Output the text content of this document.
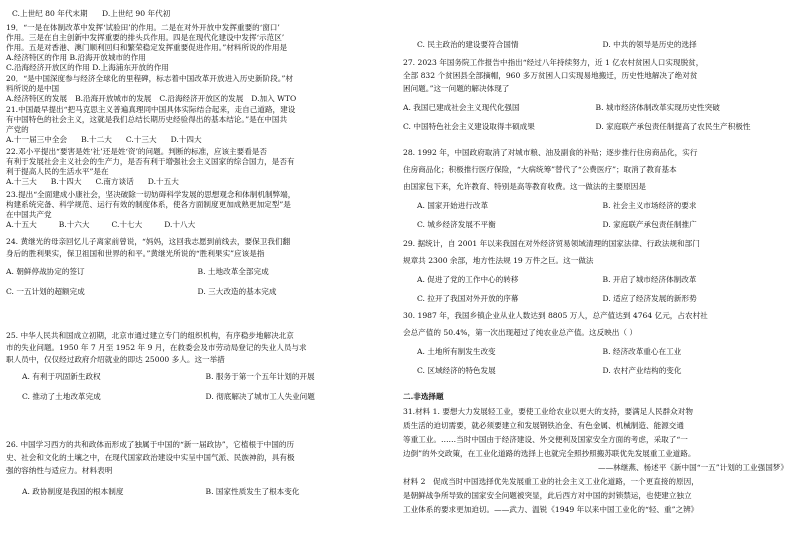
C.上世纪 80 年代末期	D.上世纪 90 年代初
19．“一是在体制改革中发挥‘试验田’的作用。二是在对外开放中发挥重要的‘窗口’
作用。三是在自主创新中发挥重要的排头兵作用。四是在现代化建设中发挥‘示范区’
作用。五是对香港、澳门顺利回归和繁荣稳定发挥重要促进作用。”材料所说的作用是
A.经济特区的作用 B.沿海开放城市的作用
C.沿海经济开放区的作用 D.上海浦东开放的作用
20．“是中国深度参与经济全球化的里程碑，标志着中国改革开放进入历史新阶段。”材
料所说的是中国
A.经济特区的发展 B.沿海开放城市的发展 C.沿海经济开放区的发展 D.加入 WTO
21.中国最早提出“把马克思主义普遍真理同中国具体实际结合起来，走自己道路，建设
有中国特色的社会主义，这就是我们总结长期历史经验得出的基本结论。”是在中国共
产党的
A.十一届三中全会 B.十二大 C.十三大 D.十四大
22.邓小平提出“要害是姓‘社’还是姓‘资’的问题。判断的标准，应该主要看是否
有利于发展社会主义社会的生产力，是否有利于增强社会主义国家的综合国力，是否有
利于提高人民的生活水平”是在
A.十三大 B.十四大 C.南方谈话 D.十五大
23.提出“全面建成小康社会，坚决破除一切妨碍科学发展的思想观念和体制机制弊端，
构建系统完备、科学规范、运行有效的制度体系，使各方面制度更加成熟更加定型”是
在中国共产党
A.十五大	B.十六大	C.十七大	D.十八大
24. 黄继光的母亲回忆儿子离家前曾说，“妈妈，这回我志愿到前线去，要保卫我们翻
身后的胜利果实，保卫祖国和世界的和平。”黄继光所说的“胜利果实”应该是指
A. 朝鲜停战协定的签订	B. 土地改革全部完成
C. 一五计划的超额完成	D. 三大改造的基本完成
25. 中华人民共和国成立初期，北京市通过建立专门的组织机构，有序稳步地解决北京
市的失业问题。1950 年 7 月至 1952 年 9 月，在救委会及市劳动局登记的失业人员与求
职人员中，仅仅经过政府介绍就业的即达 25000 多人。这一举措
A. 有利于巩固新生政权	B. 服务于第一个五年计划的开展
C. 推动了土地改革完成	D. 彻底解决了城市工人失业问题
26. 中国学习西方的共和政体而形成了独属于中国的“新一届政协”，它植根于中国的历
史、社会和文化的土壤之中，在现代国家政治建设中实呈中国气派、民族神韵，具有极
强的容纳性与适应力。材料表明
A. 政协制度是我国的根本制度	B. 国家性质发生了根本变化
C. 民主政治的建设要符合国情	D. 中共的领导是历史的选择
27. 2023 年国务院工作报告中指出“经过八年持续努力，近 1 亿农村贫困人口实现脱贫，
全部 832 个贫困县全部摘帽，960 多万贫困人口实现易地搬迁，历史性地解决了绝对贫
困问题。”这一问题的解决体现了
A. 我国已建成社会主义现代化强国	B. 城市经济体制改革实现历史性突破
C. 中国特色社会主义建设取得丰硕成果	D. 家庭联产承包责任制提高了农民生产积极性
28. 1992 年，中国政府取消了对城市粮、油及副食的补贴；逐步推行住房商品化，实行
住房商品化；积极推行医疗保险，“大病统筹”替代了“公费医疗”；取消了教育基本
由国家包下来，允许教育、特别是高等教育收费。这一做法的主要原因是
A. 国家开始进行改革	B. 社会主义市场经济的要求
C. 城乡经济发展不平衡	D. 家庭联产承包责任制推广
29. 据统计，自 2001 年以来我国在对外经济贸易领域清理的国家法律、行政法规和部门
规章共 2300 余部，地方性法规 19 万件之巨。这一做法
A. 促进了党的工作中心的转移	B. 开启了城市经济体制改革
C. 拉开了我国对外开放的序幕	D. 适应了经济发展的新形势
30. 1987 年，我国乡镇企业从业人数达到 8805 万人，总产值达到 4764 亿元，占农村社
会总产值的 50.4%，第一次出现超过了纯农业总产值。这反映出（ ）
A. 土地所有制发生改变	B. 经济改革重心在工业
C. 区域经济的特色发展	D. 农村产业结构的变化
二.非选择题
31.材料 1. 要想大力发展轻工业，要使工业给农业以更大的支持，要满足人民群众对物
质生活的迫切需要，就必须要建立和发展钢铁冶金、有色金属、机械制造、能源交通
等重工业。……当时中国由于经济建设、外交便利及国家安全方面的考虑，采取了“一
边倒”的外交政策，在工业化道路的选择上也就完全照抄照搬苏联优先发展重工业道路。
——林继燕、杨述平《新中国“一五”计划的工业强国梦》
材料 2　促成当时中国选择优先发展重工业的社会主义工业化道路，一个更直接的原因，
是朝鲜战争所导致的国家安全问题被突显，此后西方对中国的封锁禁运，也使建立独立
工业体系的要求更加迫切。——武力、温锐《1949 年以来中国工业化的“轻、重”之辨》
